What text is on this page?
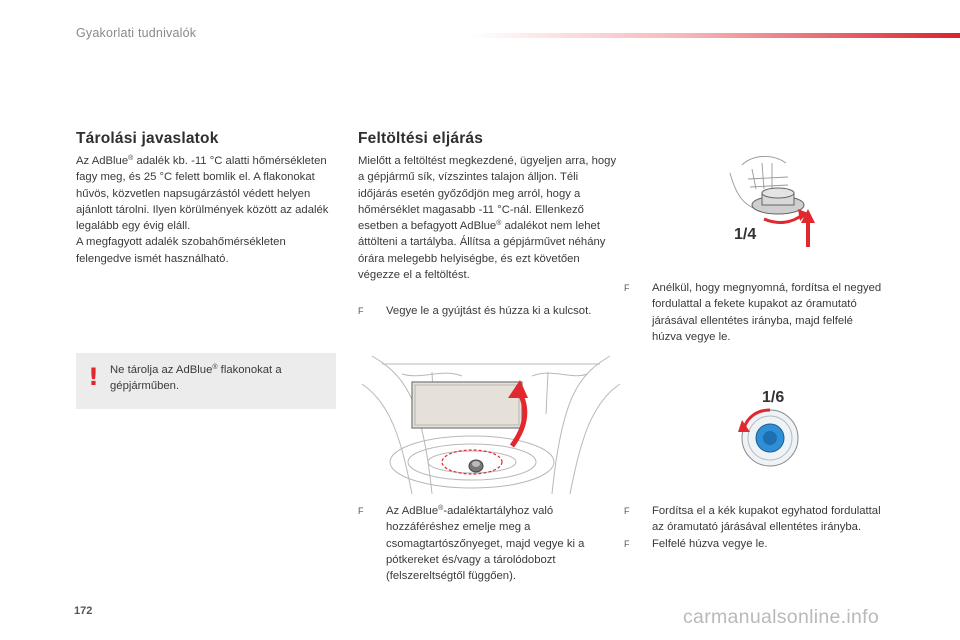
Gyakorlati tudnivalók
Tárolási javaslatok
Az AdBlue® adalék kb. -11 °C alatti hőmérsékleten fagy meg, és 25 °C felett bomlik el. A flakonokat hűvös, közvetlen napsugárzástól védett helyen ajánlott tárolni. Ilyen körülmények között az adalék legalább egy évig eláll.
A megfagyott adalék szobahőmérsékleten felengedve ismét használható.
! Ne tárolja az AdBlue® flakonokat a gépjárműben.
Feltöltési eljárás
Mielőtt a feltöltést megkezdené, ügyeljen arra, hogy a gépjármű sík, vízszintes talajon álljon. Téli időjárás esetén győződjön meg arról, hogy a hőmérséklet magasabb -11 °C-nál. Ellenkező esetben a befagyott AdBlue® adalékot nem lehet áttölteni a tartályba. Állítsa a gépjárművet néhány órára melegebb helyiségbe, és ezt követően végezze el a feltöltést.
F Vegye le a gyújtást és húzza ki a kulcsot.
F Az AdBlue®-adaléktartályhoz való hozzáféréshez emelje meg a csomagtartószőnyeget, majd vegye ki a pótkereket és/vagy a tárolódobozt (felszereltségtől függően).
1/4
F Anélkül, hogy megnyomná, fordítsa el negyed fordulattal a fekete kupakot az óramutató járásával ellentétes irányba, majd felfelé húzva vegye le.
1/6
F Fordítsa el a kék kupakot egyhatod fordulattal az óramutató járásával ellentétes irányba.
F Felfelé húzva vegye le.
172	carmanualsonline.info
